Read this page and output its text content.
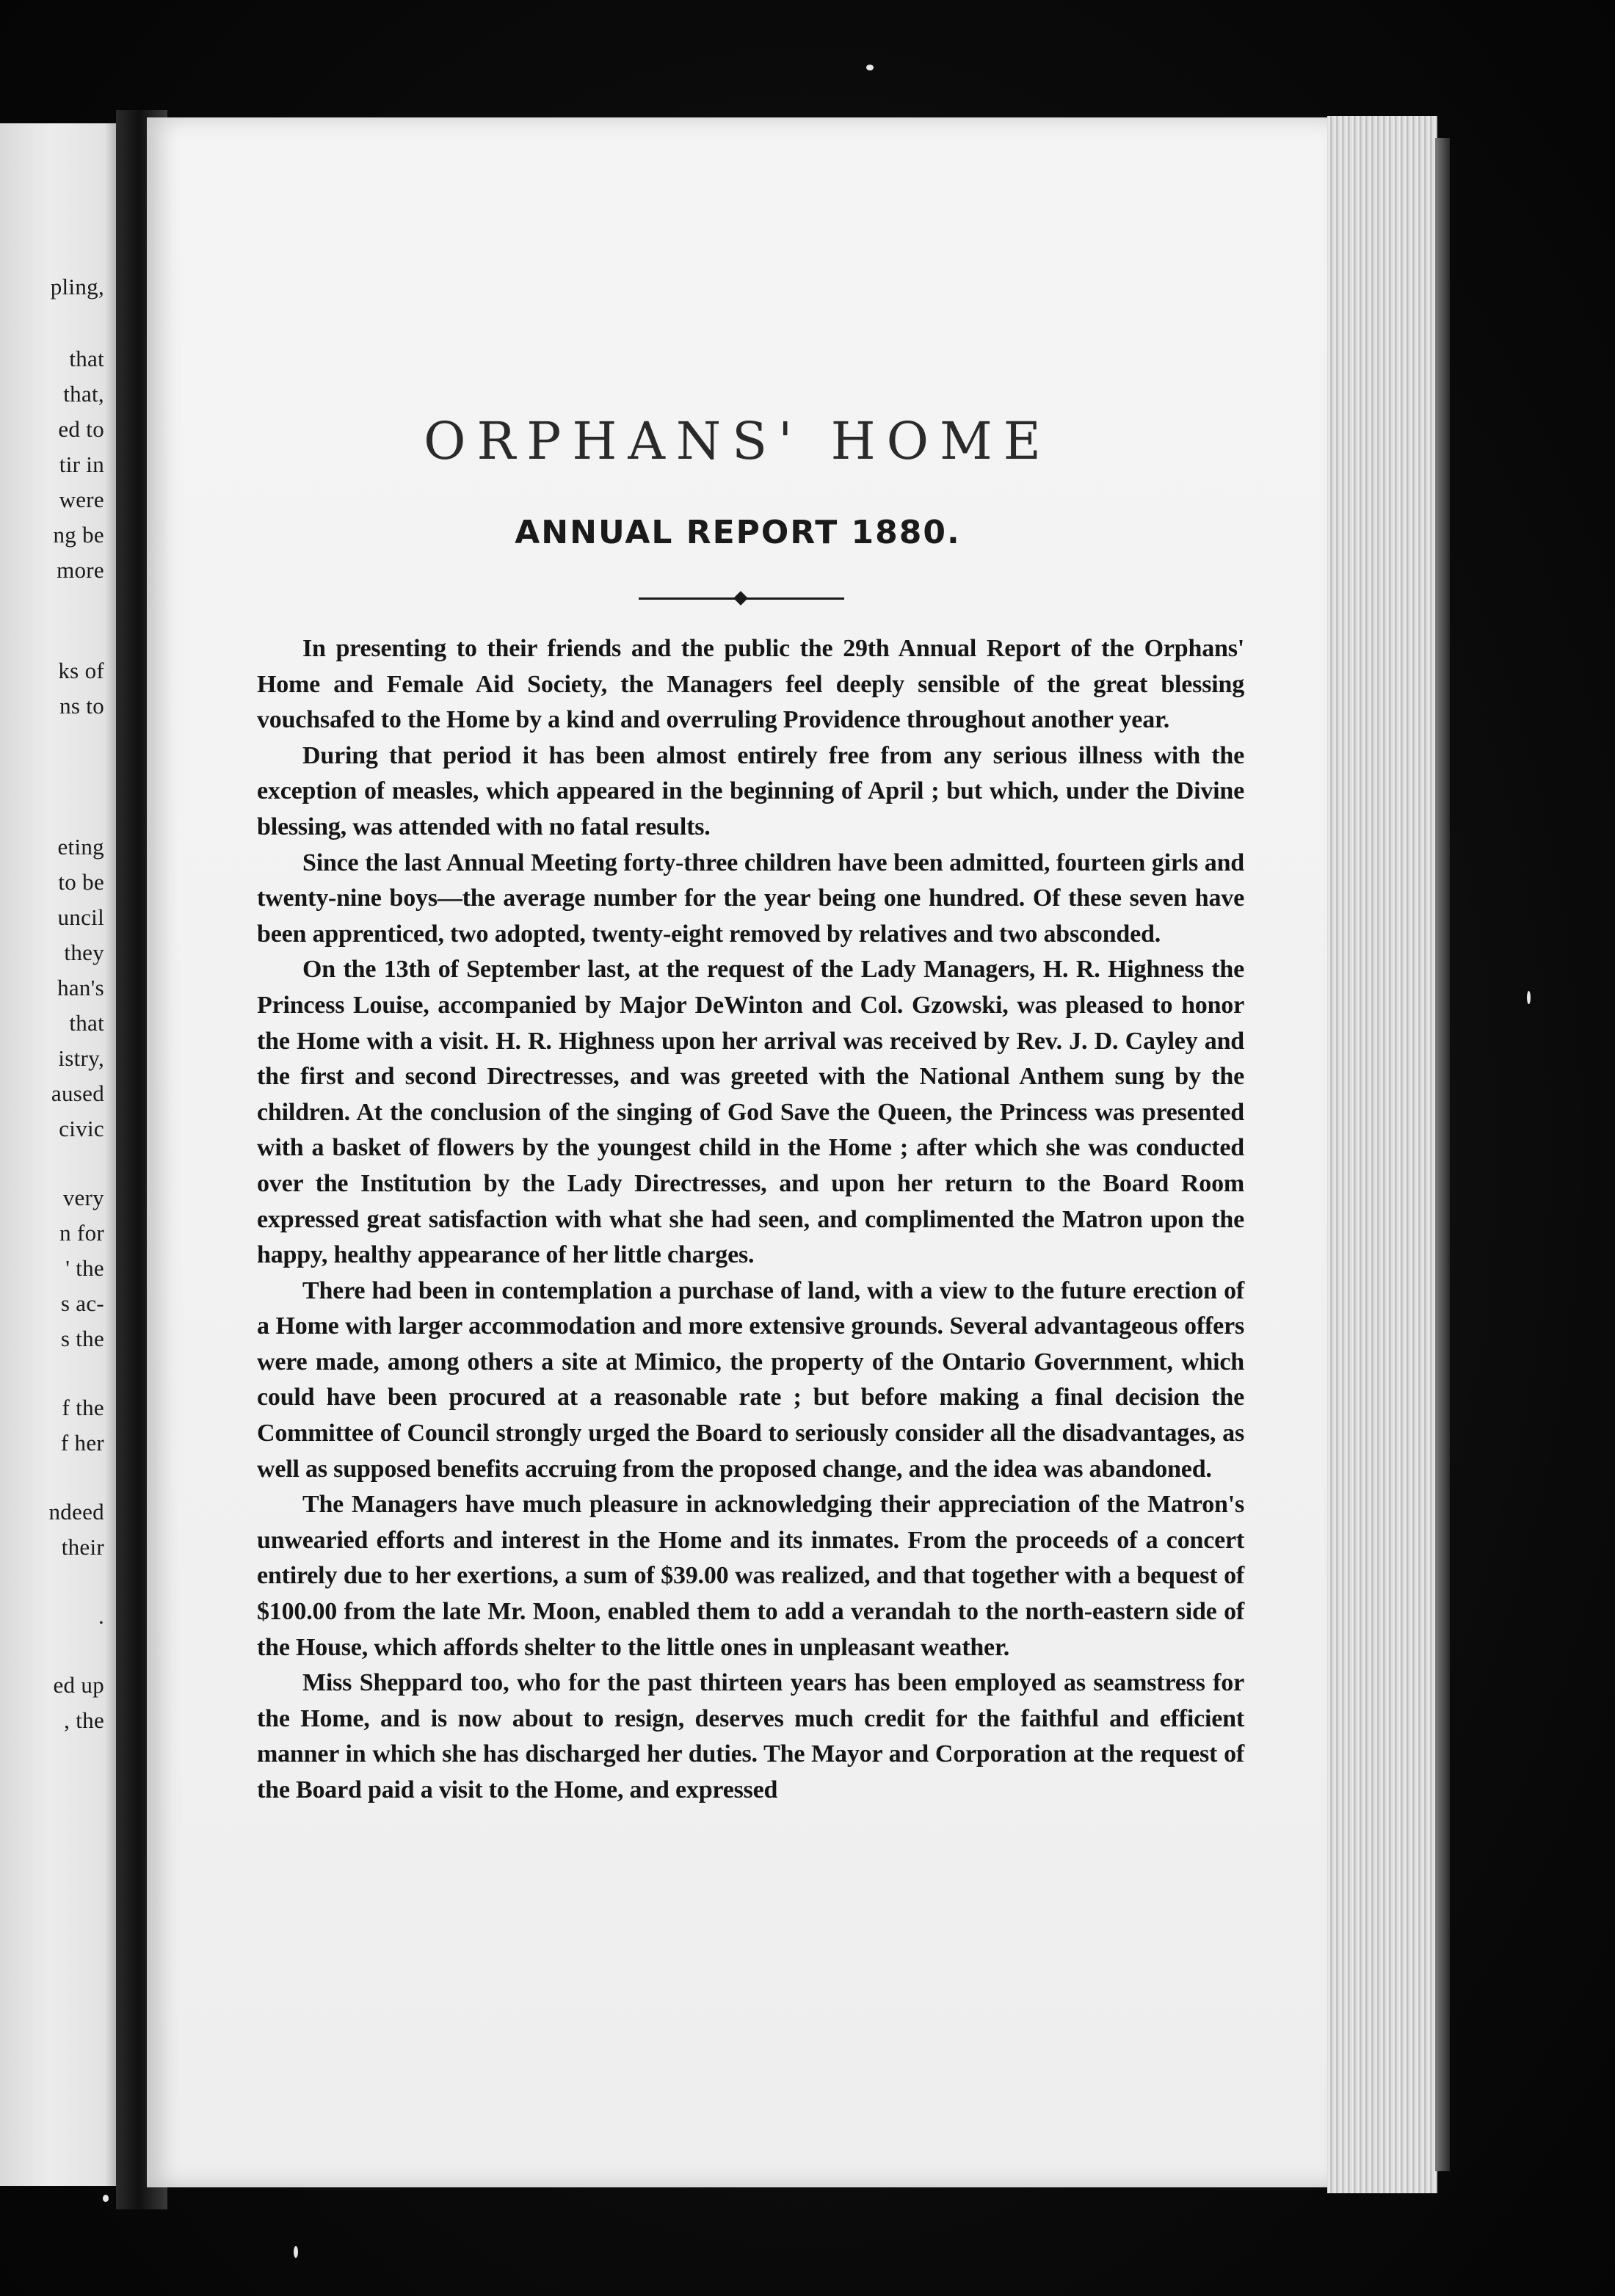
pling,
that
that,
ed to
tir in
were
ng be
more
ks of
ns to
eting
to be
uncil
they
han's
that
istry,
aused
civic
very
n for
' the
s ac-
s the
f the
f her
ndeed
their
.
ed up
, the
ORPHANS' HOME
ANNUAL REPORT 1880.

In presenting to their friends and the public the 29th Annual Report of the Orphans' Home and Female Aid Society, the Managers feel deeply sensible of the great blessing vouchsafed to the Home by a kind and overruling Providence throughout another year.

During that period it has been almost entirely free from any serious illness with the exception of measles, which appeared in the beginning of April ; but which, under the Divine blessing, was attended with no fatal results.

Since the last Annual Meeting forty-three children have been admitted, fourteen girls and twenty-nine boys—the average number for the year being one hundred. Of these seven have been apprenticed, two adopted, twenty-eight removed by relatives and two absconded.

On the 13th of September last, at the request of the Lady Managers, H. R. Highness the Princess Louise, accompanied by Major DeWinton and Col. Gzowski, was pleased to honor the Home with a visit. H. R. Highness upon her arrival was received by Rev. J. D. Cayley and the first and second Directresses, and was greeted with the National Anthem sung by the children. At the conclusion of the singing of God Save the Queen, the Princess was presented with a basket of flowers by the youngest child in the Home ; after which she was conducted over the Institution by the Lady Directresses, and upon her return to the Board Room expressed great satisfaction with what she had seen, and complimented the Matron upon the happy, healthy appearance of her little charges.

There had been in contemplation a purchase of land, with a view to the future erection of a Home with larger accommodation and more extensive grounds. Several advantageous offers were made, among others a site at Mimico, the property of the Ontario Government, which could have been procured at a reasonable rate ; but before making a final decision the Committee of Council strongly urged the Board to seriously consider all the disadvantages, as well as supposed benefits accruing from the proposed change, and the idea was abandoned.

The Managers have much pleasure in acknowledging their appreciation of the Matron's unwearied efforts and interest in the Home and its inmates. From the proceeds of a concert entirely due to her exertions, a sum of $39.00 was realized, and that together with a bequest of $100.00 from the late Mr. Moon, enabled them to add a verandah to the north-eastern side of the House, which affords shelter to the little ones in unpleasant weather.

Miss Sheppard too, who for the past thirteen years has been employed as seamstress for the Home, and is now about to resign, deserves much credit for the faithful and efficient manner in which she has discharged her duties. The Mayor and Corporation at the request of the Board paid a visit to the Home, and expressed
